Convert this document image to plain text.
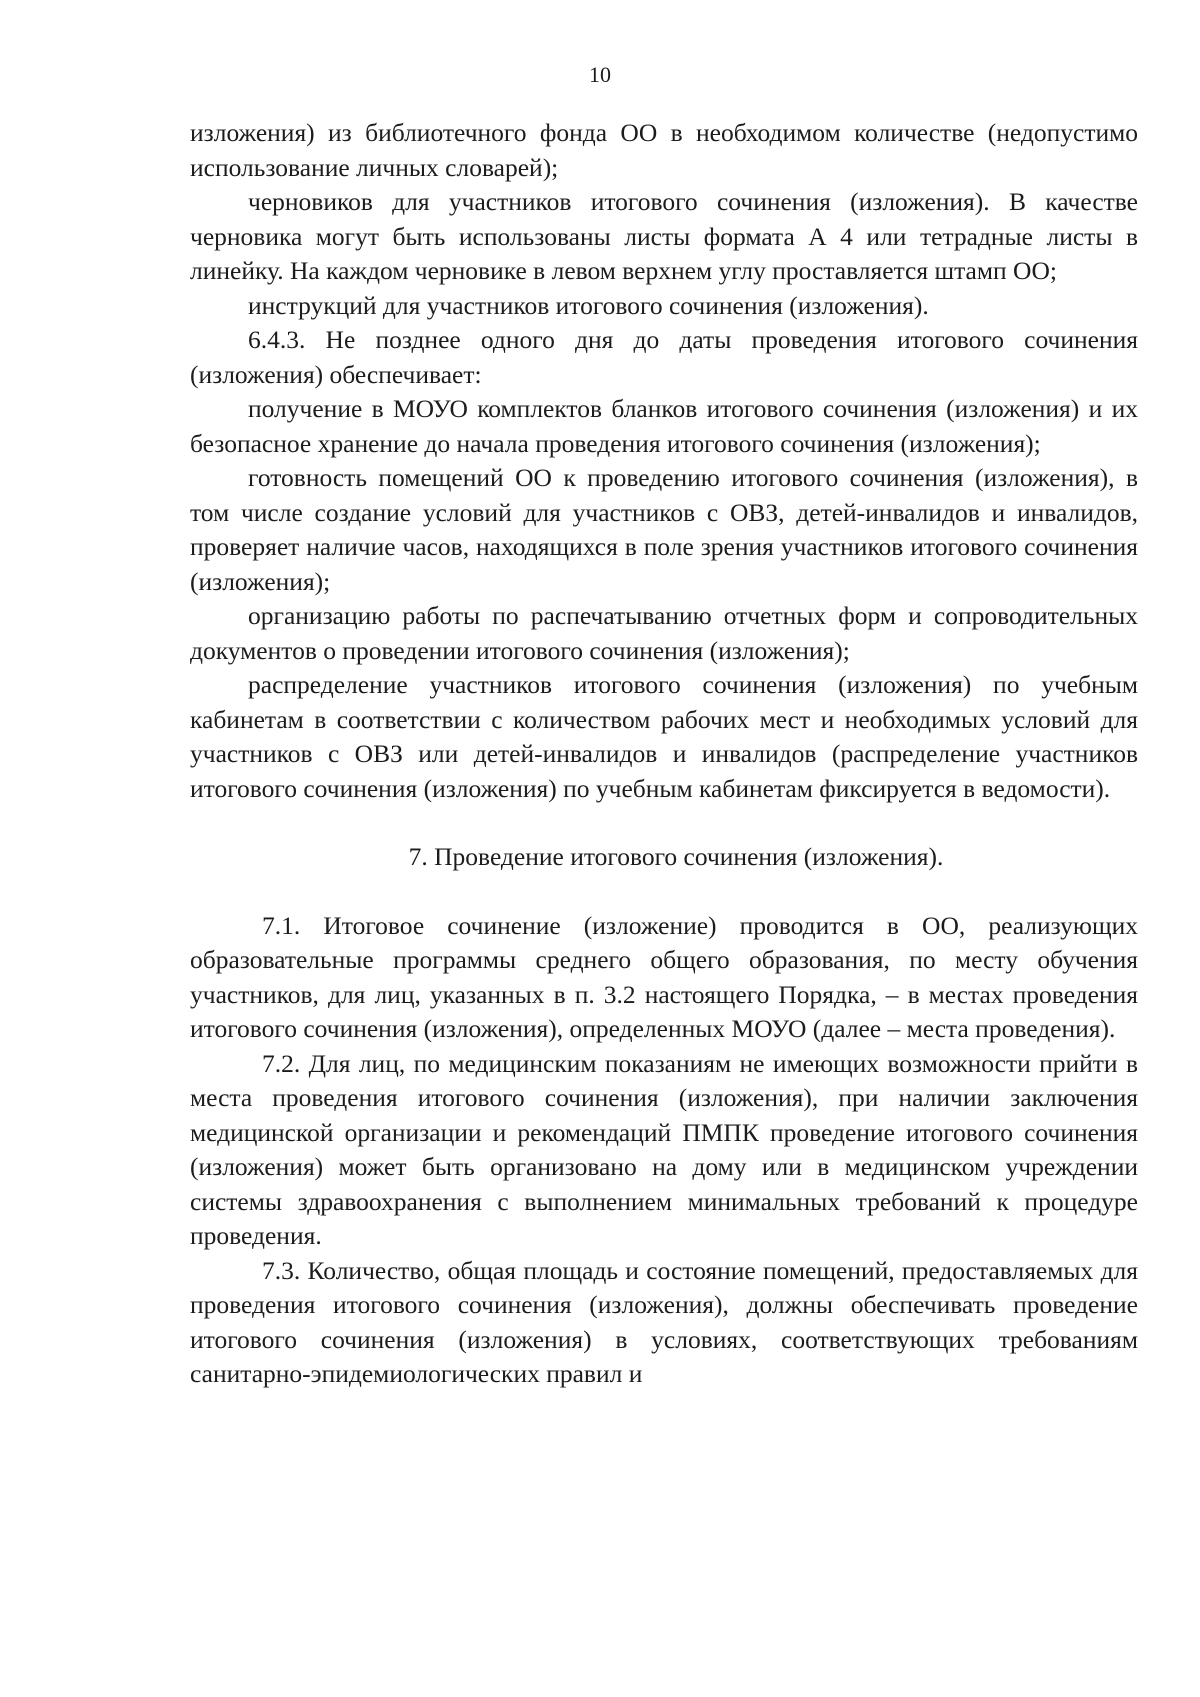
10

изложения) из библиотечного фонда ОО в необходимом количестве (недопустимо использование личных словарей);

черновиков для участников итогового сочинения (изложения). В качестве черновика могут быть использованы листы формата А 4 или тетрадные листы в линейку. На каждом черновике в левом верхнем углу проставляется штамп ОО;

инструкций для участников итогового сочинения (изложения).

6.4.3. Не позднее одного дня до даты проведения итогового сочинения (изложения) обеспечивает:

получение в МОУО комплектов бланков итогового сочинения (изложения) и их безопасное хранение до начала проведения итогового сочинения (изложения);

готовность помещений ОО к проведению итогового сочинения (изложения), в том числе создание условий для участников с ОВЗ, детей-инвалидов и инвалидов, проверяет наличие часов, находящихся в поле зрения участников итогового сочинения (изложения);

организацию работы по распечатыванию отчетных форм и сопроводительных документов о проведении итогового сочинения (изложения);

распределение участников итогового сочинения (изложения) по учебным кабинетам в соответствии с количеством рабочих мест и необходимых условий для участников с ОВЗ или детей-инвалидов и инвалидов (распределение участников итогового сочинения (изложения) по учебным кабинетам фиксируется в ведомости).

7. Проведение итогового сочинения (изложения).

7.1. Итоговое сочинение (изложение) проводится в ОО, реализующих образовательные программы среднего общего образования, по месту обучения участников, для лиц, указанных в п. 3.2 настоящего Порядка, – в местах проведения итогового сочинения (изложения), определенных МОУО (далее – места проведения).

7.2. Для лиц, по медицинским показаниям не имеющих возможности прийти в места проведения итогового сочинения (изложения), при наличии заключения медицинской организации и рекомендаций ПМПК проведение итогового сочинения (изложения) может быть организовано на дому или в медицинском учреждении системы здравоохранения с выполнением минимальных требований к процедуре проведения.

7.3. Количество, общая площадь и состояние помещений, предоставляемых для проведения итогового сочинения (изложения), должны обеспечивать проведение итогового сочинения (изложения) в условиях, соответствующих требованиям санитарно-эпидемиологических правил и
